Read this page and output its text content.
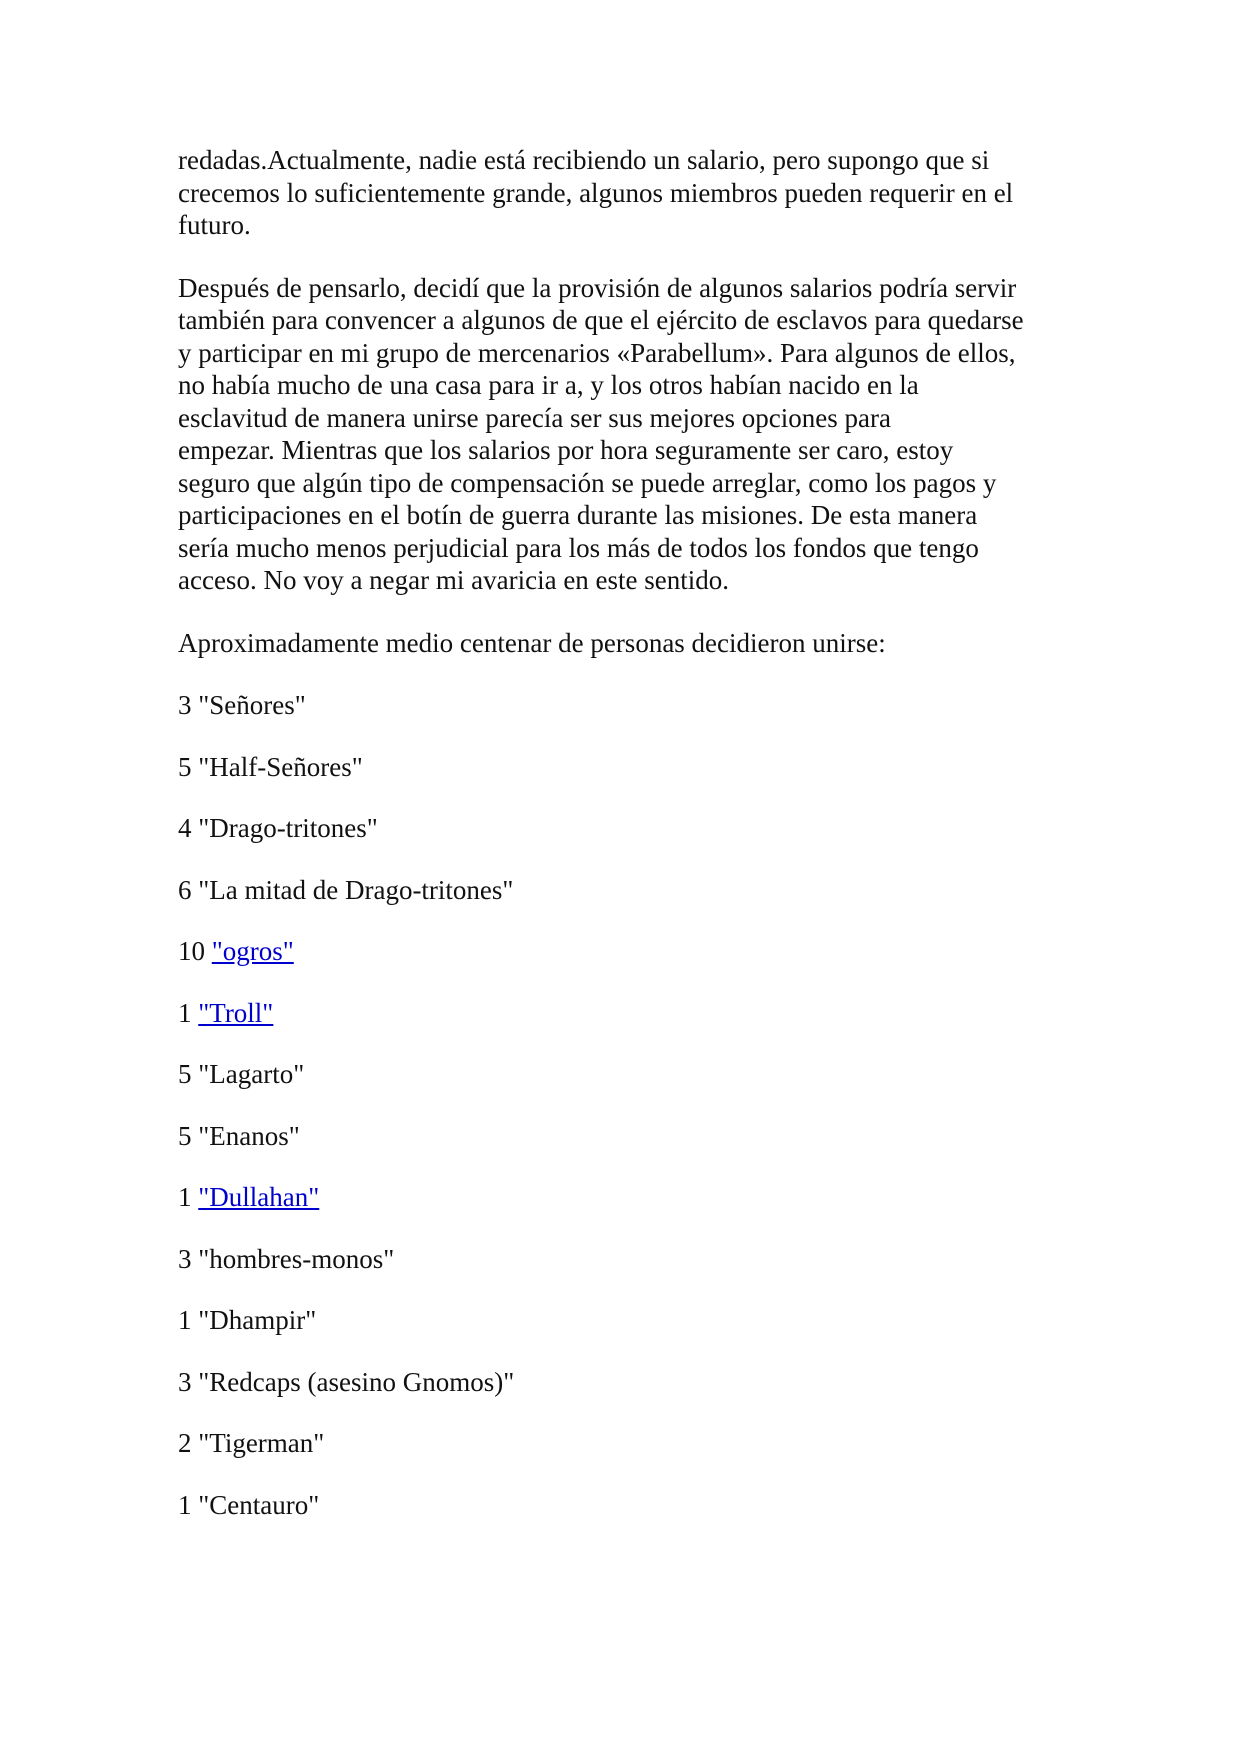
redadas.Actualmente, nadie está recibiendo un salario, pero supongo que si
crecemos lo suficientemente grande, algunos miembros pueden requerir en el
futuro.

Después de pensarlo, decidí que la provisión de algunos salarios podría servir
también para convencer a algunos de que el ejército de esclavos para quedarse
y participar en mi grupo de mercenarios «Parabellum». Para algunos de ellos,
no había mucho de una casa para ir a, y los otros habían nacido en la
esclavitud de manera unirse parecía ser sus mejores opciones para
empezar. Mientras que los salarios por hora seguramente ser caro, estoy
seguro que algún tipo de compensación se puede arreglar, como los pagos y
participaciones en el botín de guerra durante las misiones. De esta manera
sería mucho menos perjudicial para los más de todos los fondos que tengo
acceso. No voy a negar mi avaricia en este sentido.

Aproximadamente medio centenar de personas decidieron unirse:

3 "Señores"

5 "Half-Señores"

4 "Drago-tritones"

6 "La mitad de Drago-tritones"

10 "ogros"

1 "Troll"

5 "Lagarto"

5 "Enanos"

1 "Dullahan"

3 "hombres-monos"

1 "Dhampir"

3 "Redcaps (asesino Gnomos)"

2 "Tigerman"

1 "Centauro"
